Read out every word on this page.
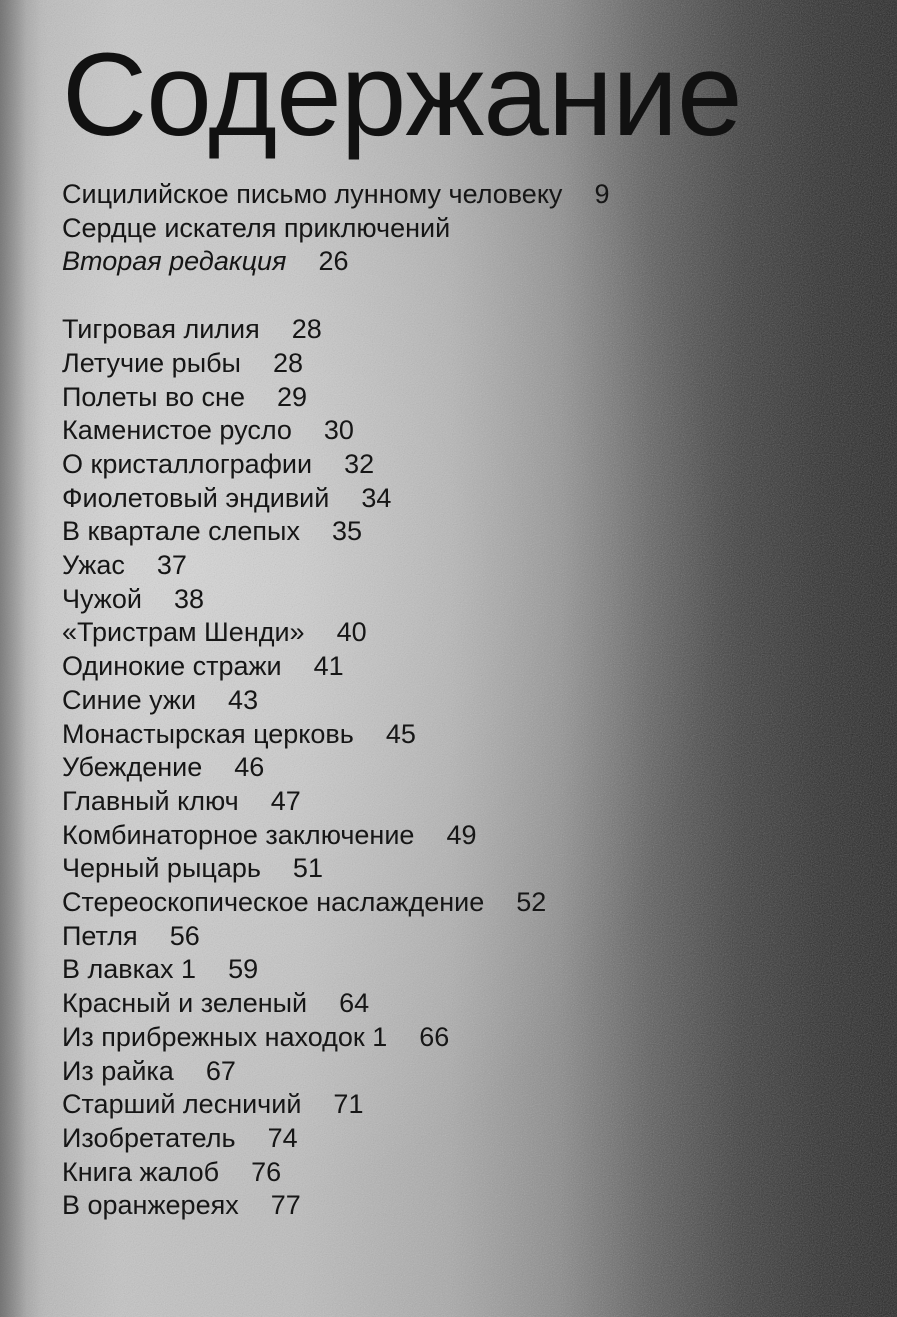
Содержание
Сицилийское письмо лунному человеку 9
Сердце искателя приключений
Вторая редакция 26
Тигровая лилия 28
Летучие рыбы 28
Полеты во сне 29
Каменистое русло 30
О кристаллографии 32
Фиолетовый эндивий 34
В квартале слепых 35
Ужас 37
Чужой 38
«Тристрам Шенди» 40
Одинокие стражи 41
Синие ужи 43
Монастырская церковь 45
Убеждение 46
Главный ключ 47
Комбинаторное заключение 49
Черный рыцарь 51
Стереоскопическое наслаждение 52
Петля 56
В лавках 1 59
Красный и зеленый 64
Из прибрежных находок 1 66
Из райка 67
Старший лесничий 71
Изобретатель 74
Книга жалоб 76
В оранжереях 77
